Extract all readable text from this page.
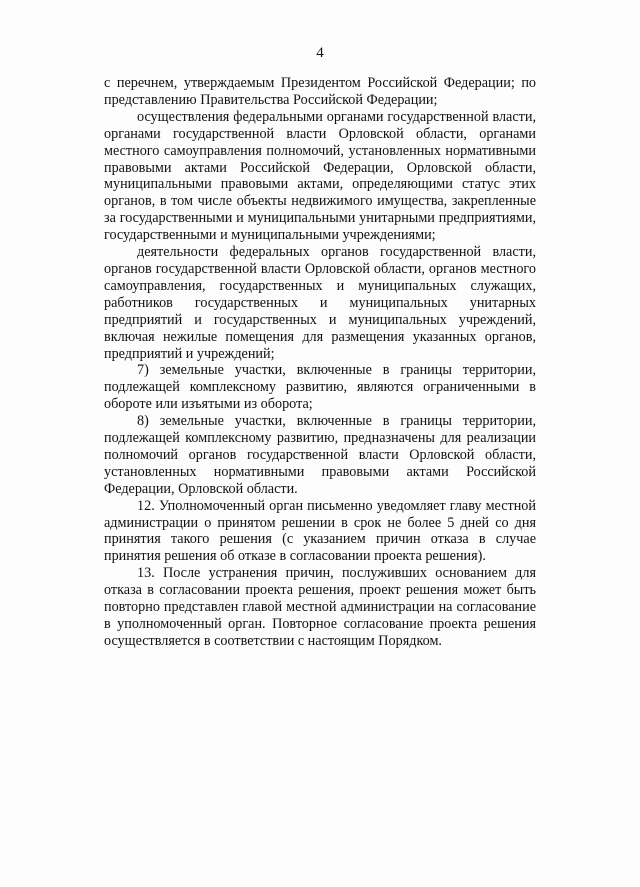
4

с перечнем, утверждаемым Президентом Российской Федерации; по представлению Правительства Российской Федерации;

осуществления федеральными органами государственной власти, органами государственной власти Орловской области, органами местного самоуправления полномочий, установленных нормативными правовыми актами Российской Федерации, Орловской области, муниципальными правовыми актами, определяющими статус этих органов, в том числе объекты недвижимого имущества, закрепленные за государственными и муниципальными унитарными предприятиями, государственными и муниципальными учреждениями;

деятельности федеральных органов государственной власти, органов государственной власти Орловской области, органов местного самоуправления, государственных и муниципальных служащих, работников государственных и муниципальных унитарных предприятий и государственных и муниципальных учреждений, включая нежилые помещения для размещения указанных органов, предприятий и учреждений;

7) земельные участки, включенные в границы территории, подлежащей комплексному развитию, являются ограниченными в обороте или изъятыми из оборота;

8) земельные участки, включенные в границы территории, подлежащей комплексному развитию, предназначены для реализации полномочий органов государственной власти Орловской области, установленных нормативными правовыми актами Российской Федерации, Орловской области.

12. Уполномоченный орган письменно уведомляет главу местной администрации о принятом решении в срок не более 5 дней со дня принятия такого решения (с указанием причин отказа в случае принятия решения об отказе в согласовании проекта решения).

13. После устранения причин, послуживших основанием для отказа в согласовании проекта решения, проект решения может быть повторно представлен главой местной администрации на согласование в уполномоченный орган. Повторное согласование проекта решения осуществляется в соответствии с настоящим Порядком.
